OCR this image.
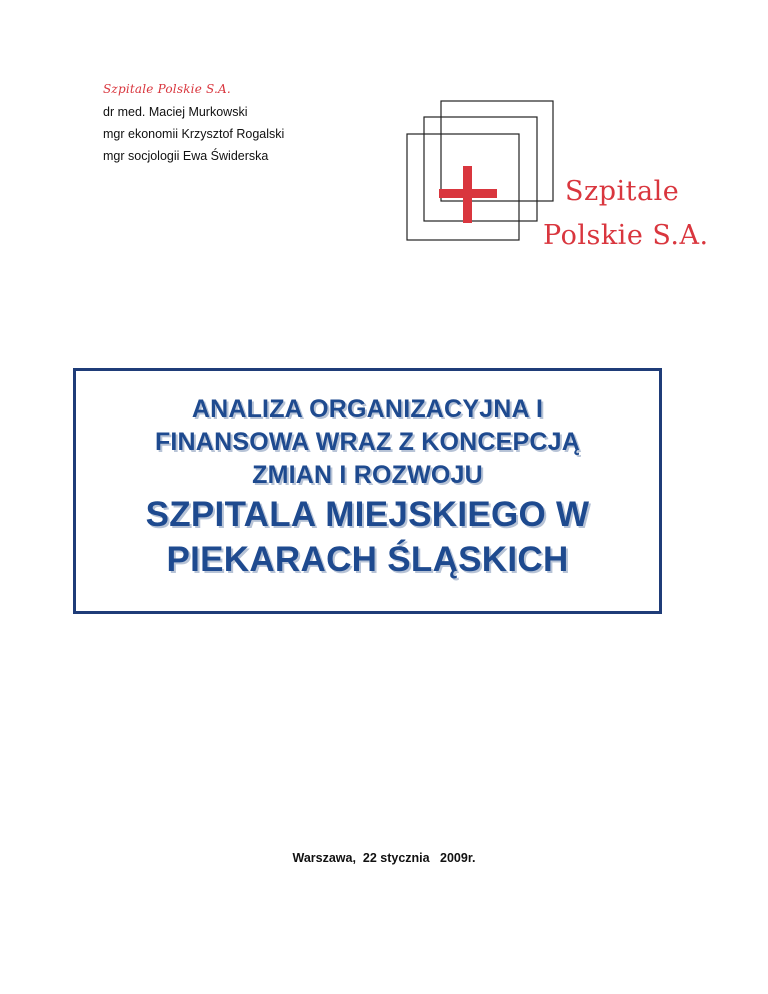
Szpitale Polskie S.A.

dr med. Maciej Murkowski

mgr ekonomii Krzysztof Rogalski

mgr socjologii Ewa Świderska

Szpitale
Polskie S.A.

ANALIZA ORGANIZACYJNA I

FINANSOWA WRAZ Z KONCEPCJĄ

ZMIAN I ROZWOJU

SZPITALA MIEJSKIEGO W

PIEKARACH ŚLĄSKICH

Warszawa,  22 stycznia   2009r.
